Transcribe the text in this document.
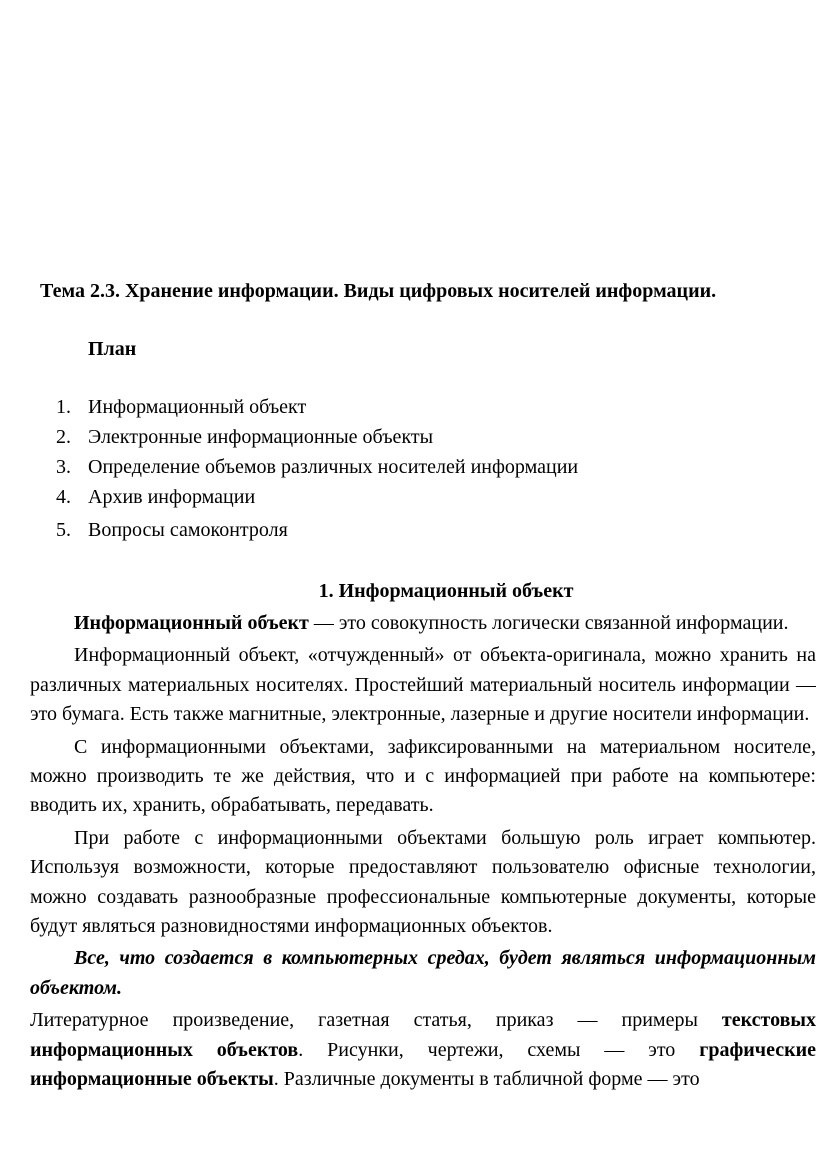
Тема 2.3. Хранение информации. Виды цифровых носителей информации.
План
1. Информационный объект
2. Электронные информационные объекты
3. Определение объемов различных носителей информации
4. Архив информации
5. Вопросы самоконтроля
1. Информационный объект

Информационный объект — это совокупность логически связанной информации.

Информационный объект, «отчужденный» от объекта-оригинала, можно хранить на различных материальных носителях. Простейший материальный носитель информации — это бумага. Есть также магнитные, электронные, лазерные и другие носители информации.

С информационными объектами, зафиксированными на материальном носителе, можно производить те же действия, что и с информацией при работе на компьютере: вводить их, хранить, обрабатывать, передавать.

При работе с информационными объектами большую роль играет компьютер. Используя возможности, которые предоставляют пользователю офисные технологии, можно создавать разнообразные профессиональные компьютерные документы, которые будут являться разновидностями информационных объектов.

Все, что создается в компьютерных средах, будет являться информационным объектом.

Литературное произведение, газетная статья, приказ — примеры текстовых информационных объектов. Рисунки, чертежи, схемы — это графические информационные объекты. Различные документы в табличной форме — это
